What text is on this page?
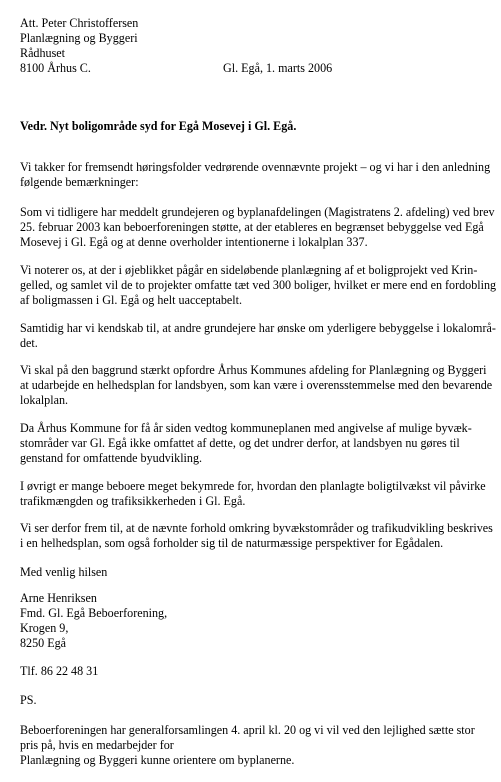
Att. Peter Christoffersen
Planlægning og Byggeri
Rådhuset
8100 Århus C.	Gl. Egå, 1. marts 2006
Vedr. Nyt boligområde syd for Egå Mosevej i Gl. Egå.
Vi takker for fremsendt høringsfolder vedrørende ovennævnte projekt – og vi har i den anledning
følgende bemærkninger:
Som vi tidligere har meddelt grundejeren og byplanafdelingen (Magistratens 2. afdeling) ved brev
25. februar 2003 kan beboerforeningen støtte, at der etableres en begrænset bebyggelse ved Egå
Mosevej i Gl. Egå og at denne overholder intentionerne i lokalplan 337.
Vi noterer os, at der i øjeblikket pågår en sideløbende planlægning af et boligprojekt ved Krin-
gelled, og samlet vil de to projekter omfatte tæt ved 300 boliger, hvilket er mere end en fordobling
af boligmassen i Gl. Egå og helt uacceptabelt.
Samtidig har vi kendskab til, at andre grundejere har ønske om yderligere bebyggelse i lokalområ-
det.
Vi skal på den baggrund stærkt opfordre Århus Kommunes afdeling for Planlægning og Byggeri
at udarbejde en helhedsplan for landsbyen, som kan være i overensstemmelse med den bevarende
lokalplan.
Da Århus Kommune for få år siden vedtog kommuneplanen med angivelse af mulige byvæk-
stområder var Gl. Egå ikke omfattet af dette, og det undrer derfor, at landsbyen nu gøres til
genstand for omfattende byudvikling.
I øvrigt er mange beboere meget bekymrede for, hvordan den planlagte boligtilvækst vil påvirke
trafikmængden og trafiksikkerheden i Gl. Egå.
Vi ser derfor frem til, at de nævnte forhold omkring byvækstområder og trafikudvikling beskrives
i en helhedsplan, som også forholder sig til de naturmæssige perspektiver for Egådalen.
Med venlig hilsen
Arne Henriksen
Fmd. Gl. Egå Beboerforening,
Krogen 9,
8250 Egå
Tlf. 86 22 48 31
PS.
Beboerforeningen har generalforsamlingen 4. april kl. 20 og vi vil ved den lejlighed sætte stor
pris på, hvis en medarbejder for
Planlægning og Byggeri kunne orientere om byplanerne.
